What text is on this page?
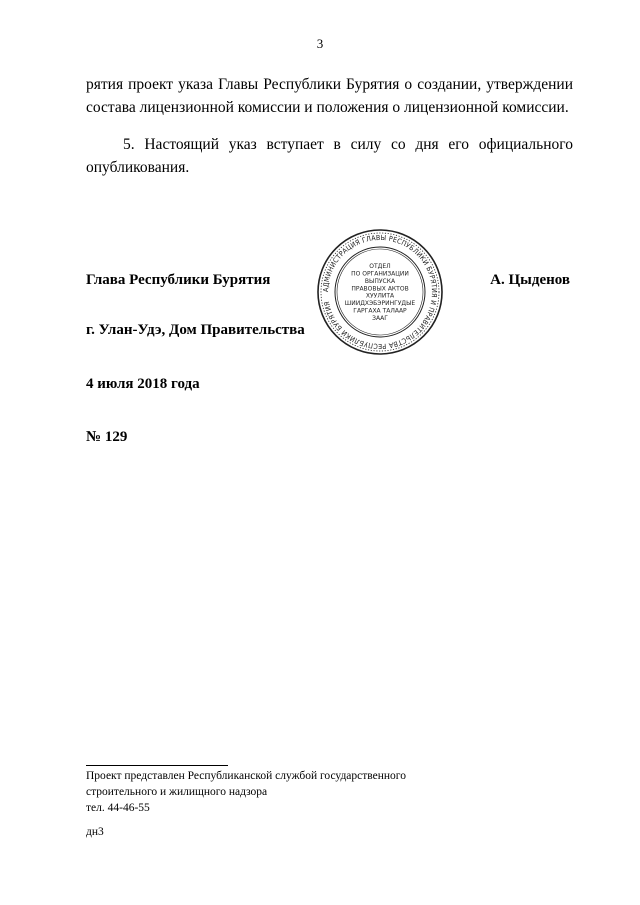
3
рятия проект указа Главы Республики Бурятия о создании, утверждении состава лицензионной комиссии и положения о лицензионной комиссии.
5. Настоящий указ вступает в силу со дня его официального опубликования.
Глава Республики Бурятия	А. Цыденов
г. Улан-Удэ, Дом Правительства
4 июля 2018 года
№ 129
АДМИНИСТРАЦИЯ ГЛАВЫ РЕСПУБЛИКИ БУРЯТИЯ И ПРАВИТЕЛЬСТВА РЕСПУБЛИКИ БУРЯТИЯ
ОТДЕЛ
ПО ОРГАНИЗАЦИИ
ВЫПУСКА
ПРАВОВЫХ АКТОВ
ХУУЛИТА
ШИИДХЭБЭРИНГУДЫЕ
ГАРГАХА ТАЛААР
ЗААГ
Проект представлен Республиканской службой государственного
строительного и жилищного надзора
тел. 44-46-55
дн3
